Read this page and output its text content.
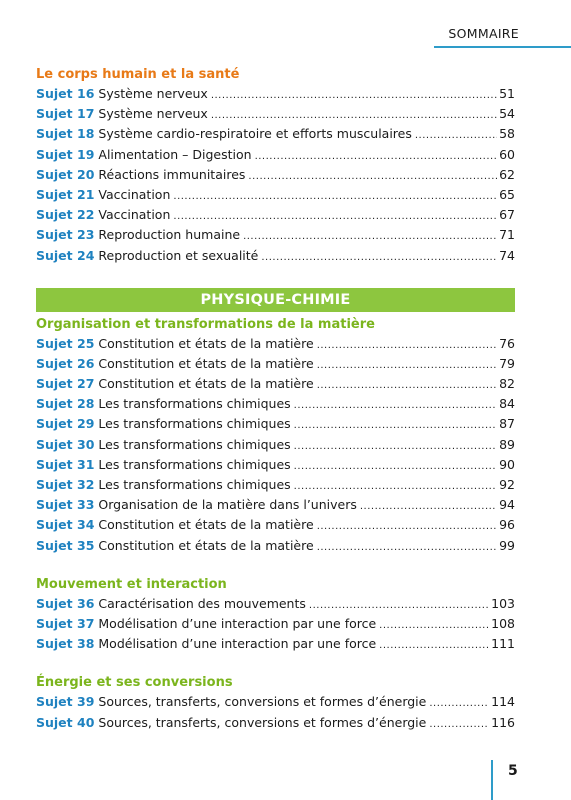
SOMMAIRE
Le corps humain et la santé
Sujet 16 Système nerveux .....	51
Sujet 17 Système nerveux .....	54
Sujet 18 Système cardio-respiratoire et efforts musculaires .....	58
Sujet 19 Alimentation – Digestion .....	60
Sujet 20 Réactions immunitaires .....	62
Sujet 21 Vaccination .....	65
Sujet 22 Vaccination .....	67
Sujet 23 Reproduction humaine .....	71
Sujet 24 Reproduction et sexualité .....	74
PHYSIQUE-CHIMIE
Organisation et transformations de la matière
Sujet 25 Constitution et états de la matière .....	76
Sujet 26 Constitution et états de la matière .....	79
Sujet 27 Constitution et états de la matière .....	82
Sujet 28 Les transformations chimiques .....	84
Sujet 29 Les transformations chimiques .....	87
Sujet 30 Les transformations chimiques .....	89
Sujet 31 Les transformations chimiques .....	90
Sujet 32 Les transformations chimiques .....	92
Sujet 33 Organisation de la matière dans l’univers .....	94
Sujet 34 Constitution et états de la matière .....	96
Sujet 35 Constitution et états de la matière .....	99
Mouvement et interaction
Sujet 36 Caractérisation des mouvements .....	103
Sujet 37 Modélisation d’une interaction par une force .....	108
Sujet 38 Modélisation d’une interaction par une force .....	111
Énergie et ses conversions
Sujet 39 Sources, transferts, conversions et formes d’énergie .....	114
Sujet 40 Sources, transferts, conversions et formes d’énergie .....	116
5
